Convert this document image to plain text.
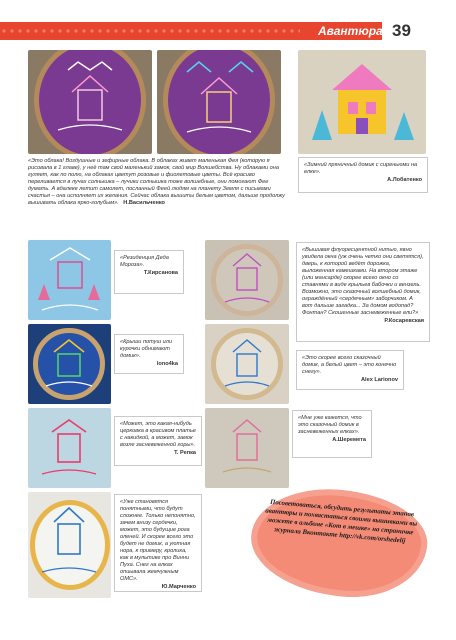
Авантюра 39
«Это облака! Воздушные и зефирные облака. В облаках живет маленькая Фея (которую я рисовала в 1 главе), у неё там свой маленький замок, свой мир Волшебства. Ну облаками она гуляет, как по полю, на облаках цветут розовые и фиолетовые цветы. Всё красиво переливается в лучах солнышка – лучики солнышка тоже волшебные, они помогают Фее думать. А вдалеке летит самолет, посланный Феей людям на планету Земля с письмами счастья – она исполняет их желания. Сейчас облака вышиты белым цветом, дальше продолжу вышивать облака ярко-голубым». Н.Васильченко
«Зимний пряничный домик с сиреньюми на елке».
А.Лобатенко
«Резиденция Деда Мороза».
Т.Кирсанова
«Вышивая флуоресцентной нитью, явно увидела окна (уж очень четко они светятся), дверь, к которой ведёт дорожка, выложенная камешками. На втором этаже (или мансарде) скорее всего окно со ставнями в виде крыльев бабочки и вензель. Возможно, это сказочный волшебный домик, ограждённый «сердечным» заборчиком. А вот дальше загадка... За домом водопад? Фонтан? Скошенные засневеженные ели?»
Р.Косаревская
«Крыши потуш или курочки обнимают домик».
lono4ka
«Это скорее всего сказочный домик, а белый цвет – это конечно снегу».
Alex Larionov
«Может, это какая-нибудь церковка в красивом платье с накидкой, а может, замок возле засневеженной горы».
Т. Репка
«Мне уже кажется, что это сказочный домик в засневеженных елках».
А.Шеремета
«Уже становятся понятными, что будут сложнее. Только непонятно, зачем внизу сердечки, может, это будущие рога оленей. И скорее всего это будет не домик, а уютная нора, к примеру, кролика, как в мультике про Винни Пуха. Снег на елках опиывала жемчужным ОМС».
Ю.Марченко
Посоветоваться, обсудить результаты этапов авантюры и похвастаться своими вышивками вы можете в альбоме «Кот в мешке» на страничке журнала Вконтакте http://vk.com/orshedelij
